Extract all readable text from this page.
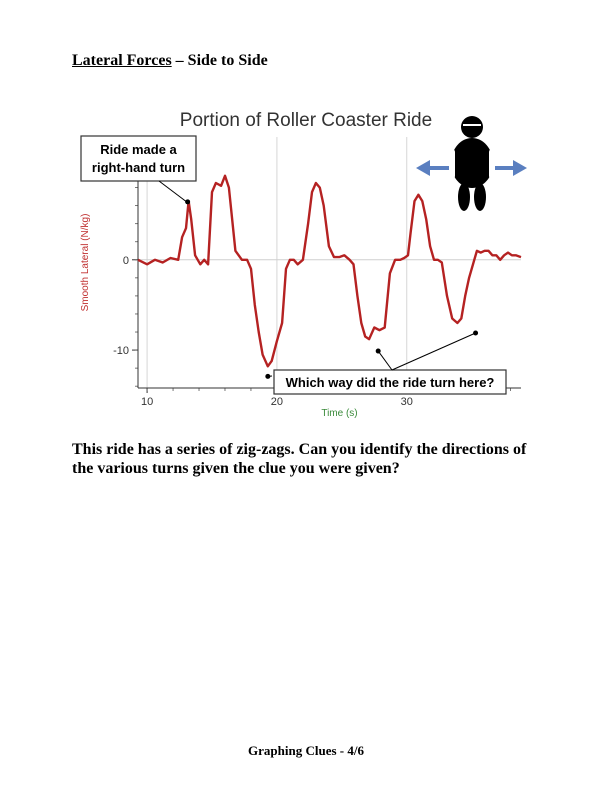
Lateral Forces – Side to Side
Portion of Roller Coaster Ride
10	20	30
0
-10
Ride made a
right-hand turn
Which way did the ride turn here?
Time (s)
Smooth Lateral (N/kg)
This ride has a series of zig-zags. Can you identify the directions of the various turns given the clue you were given?
Graphing Clues - 4/6
